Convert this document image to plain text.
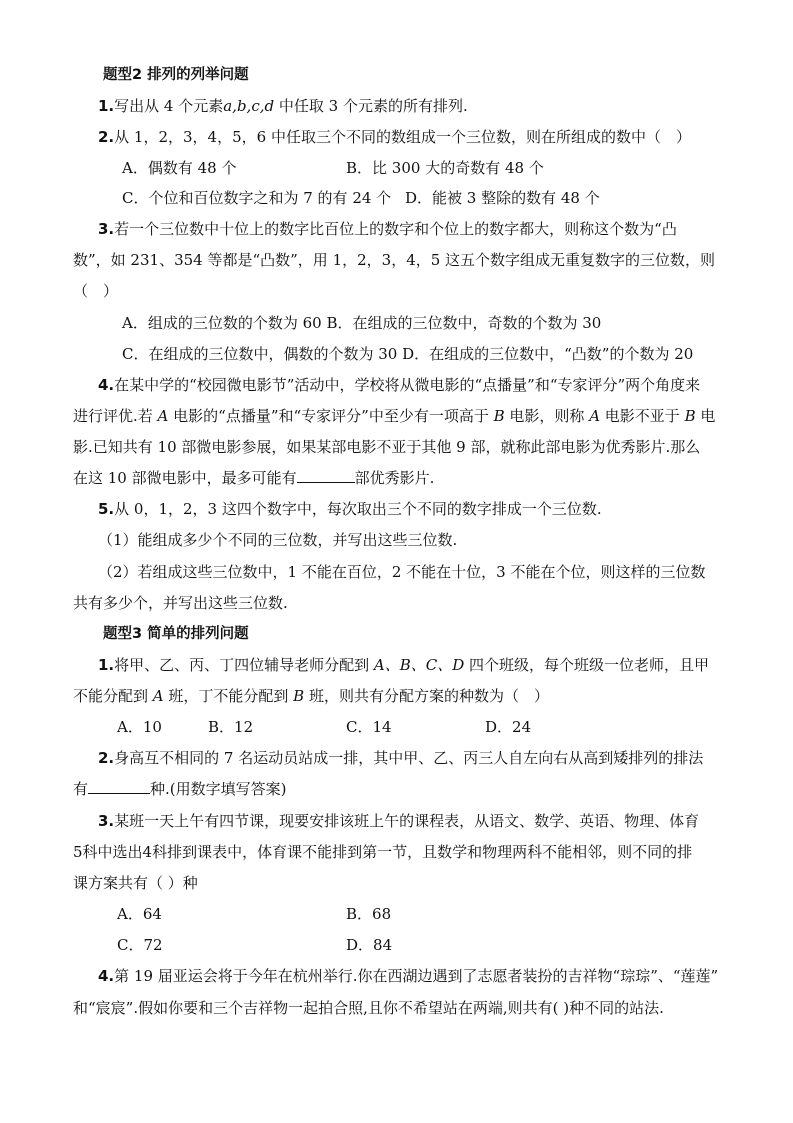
题型2 排列的列举问题
1.写出从 4 个元素a,b,c,d 中任取 3 个元素的所有排列.
2.从 1，2，3，4，5，6 中任取三个不同的数组成一个三位数，则在所组成的数中（　）
A．偶数有 48 个	B．比 300 大的奇数有 48 个
C．个位和百位数字之和为 7 的有 24 个 D．能被 3 整除的数有 48 个
3.若一个三位数中十位上的数字比百位上的数字和个位上的数字都大，则称这个数为“凸
数”，如 231、354 等都是“凸数”，用 1，2，3，4，5 这五个数字组成无重复数字的三位数，则
（　）
A．组成的三位数的个数为 60 B．在组成的三位数中，奇数的个数为 30
C．在组成的三位数中，偶数的个数为 30 D．在组成的三位数中，“凸数”的个数为 20
4.在某中学的“校园微电影节”活动中，学校将从微电影的“点播量”和“专家评分”两个角度来
进行评优.若 A 电影的“点播量”和“专家评分”中至少有一项高于 B 电影，则称 A 电影不亚于 B 电
影.已知共有 10 部微电影参展，如果某部电影不亚于其他 9 部，就称此部电影为优秀影片.那么
在这 10 部微电影中，最多可能有	部优秀影片.
5.从 0，1，2，3 这四个数字中，每次取出三个不同的数字排成一个三位数.
（1）能组成多少个不同的三位数，并写出这些三位数.
（2）若组成这些三位数中，1 不能在百位，2 不能在十位，3 不能在个位，则这样的三位数
共有多少个，并写出这些三位数.
题型3 简单的排列问题
1.将甲、乙、丙、丁四位辅导老师分配到 A、B、C、D 四个班级，每个班级一位老师，且甲
不能分配到 A 班，丁不能分配到 B 班，则共有分配方案的种数为（　）
A．10	B．12	C．14	D．24
2.身高互不相同的 7 名运动员站成一排，其中甲、乙、丙三人自左向右从高到矮排列的排法
有	种.(用数字填写答案)
3.某班一天上午有四节课，现要安排该班上午的课程表，从语文、数学、英语、物理、体育
5科中选出4科排到课表中，体育课不能排到第一节，且数学和物理两科不能相邻，则不同的排
课方案共有（ ）种
A．64	B．68
C．72	D．84
4.第 19 届亚运会将于今年在杭州举行.你在西湖边遇到了志愿者装扮的吉祥物“琮琮”、“莲莲”
和“宸宸”.假如你要和三个吉祥物一起拍合照,且你不希望站在两端,则共有( )种不同的站法.
